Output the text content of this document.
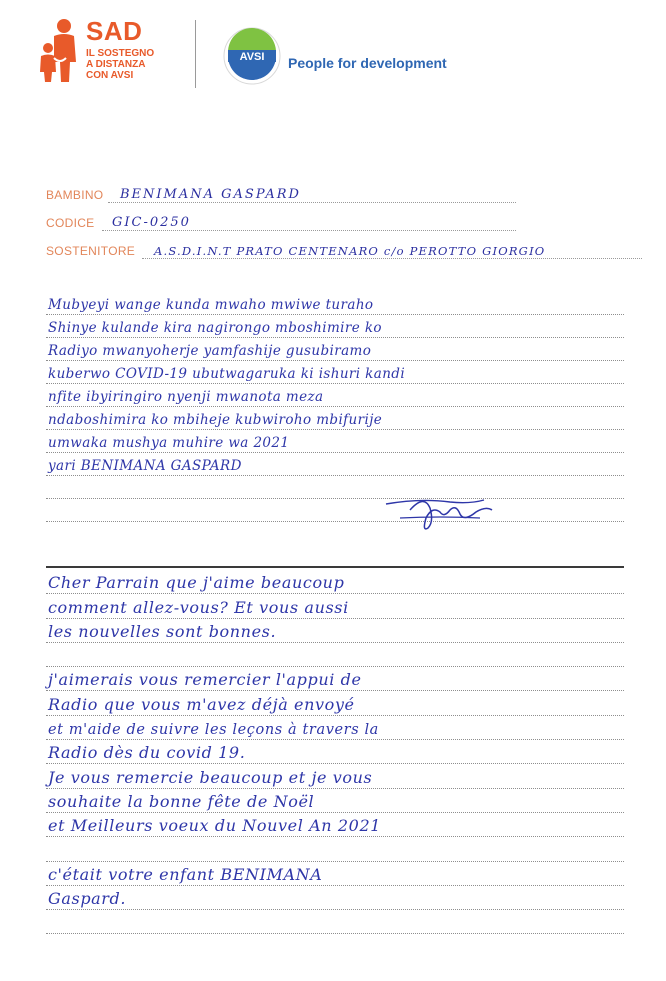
SAD
IL SOSTEGNO
A DISTANZA
CON AVSI
AVSI People for development
BAMBINO BENIMANA GASPARD
CODICE GIC-0250
SOSTENITORE A.S.D.I.N.T PRATO CENTENARO c/o PEROTTO GIORGIO
Mubyeyi wange kunda mwaho mwiwe turaho
Shinye kulande kira nagirongo mboshimire ko
Radiyo mwanyoherje yamfashije gusubiramo
kuberwo COVID-19 ubutwagaruka ki ishuri kandi
nfite ibyiringiro nyenji mwanota meza
ndaboshimira ko mbiheje kubwiroho mbifurije
umwaka mushya muhire wa 2021
yari BENIMANA GASPARD
Cher Parrain que j'aime beaucoup
comment allez-vous? Et vous aussi
les nouvelles sont bonnes.
j'aimerais vous remercier l'appui de
Radio que vous m'avez déjà envoyé
et m'aide de suivre les leçons à travers la
Radio dès du covid 19.
Je vous remercie beaucoup et je vous
souhaite la bonne fête de Noël
et Meilleurs voeux du Nouvel An 2021
c'était votre enfant BENIMANA
Gaspard.
